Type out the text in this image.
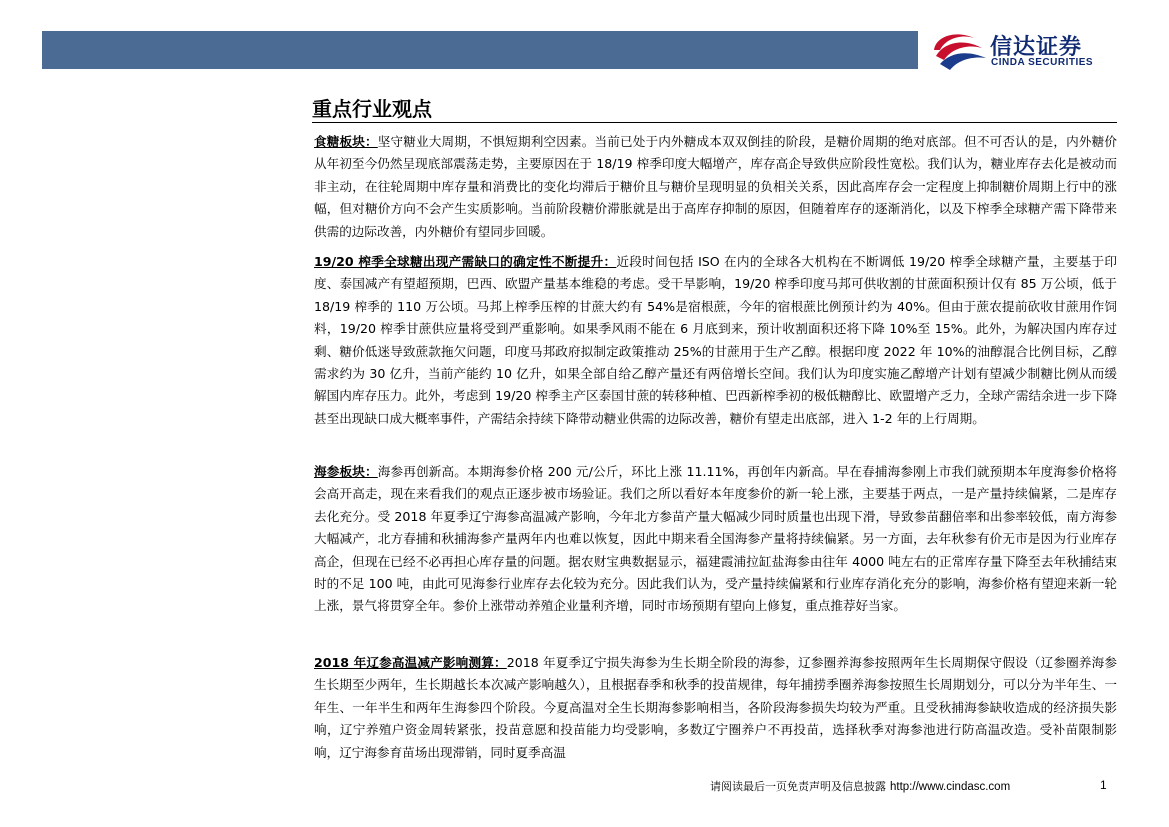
信达证券
CINDA SECURITIES
重点行业观点
食糖板块：坚守糖业大周期，不惧短期利空因素。当前已处于内外糖成本双双倒挂的阶段，是糖价周期的绝对底部。但不可否认的是，内外糖价从年初至今仍然呈现底部震荡走势，主要原因在于 18/19 榨季印度大幅增产，库存高企导致供应阶段性宽松。我们认为，糖业库存去化是被动而非主动，在往轮周期中库存量和消费比的变化均滞后于糖价且与糖价呈现明显的负相关关系，因此高库存会一定程度上抑制糖价周期上行中的涨幅，但对糖价方向不会产生实质影响。当前阶段糖价滞胀就是出于高库存抑制的原因，但随着库存的逐渐消化，以及下榨季全球糖产需下降带来供需的边际改善，内外糖价有望同步回暖。
19/20 榨季全球糖出现产需缺口的确定性不断提升：近段时间包括 ISO 在内的全球各大机构在不断调低 19/20 榨季全球糖产量，主要基于印度、泰国减产有望超预期，巴西、欧盟产量基本维稳的考虑。受干旱影响，19/20 榨季印度马邦可供收割的甘蔗面积预计仅有 85 万公顷，低于 18/19 榨季的 110 万公顷。马邦上榨季压榨的甘蔗大约有 54%是宿根蔗，今年的宿根蔗比例预计约为 40%。但由于蔗农提前砍收甘蔗用作饲料，19/20 榨季甘蔗供应量将受到严重影响。如果季风雨不能在 6 月底到来，预计收割面积还将下降 10%至 15%。此外，为解决国内库存过剩、糖价低迷导致蔗款拖欠问题，印度马邦政府拟制定政策推动 25%的甘蔗用于生产乙醇。根据印度 2022 年 10%的油醇混合比例目标，乙醇需求约为 30 亿升，当前产能约 10 亿升，如果全部自给乙醇产量还有两倍增长空间。我们认为印度实施乙醇增产计划有望减少制糖比例从而缓解国内库存压力。此外，考虑到 19/20 榨季主产区泰国甘蔗的转移种植、巴西新榨季初的极低糖醇比、欧盟增产乏力，全球产需结余进一步下降甚至出现缺口成大概率事件，产需结余持续下降带动糖业供需的边际改善，糖价有望走出底部，进入 1-2 年的上行周期。
海参板块：海参再创新高。本期海参价格 200 元/公斤，环比上涨 11.11%，再创年内新高。早在春捕海参刚上市我们就预期本年度海参价格将会高开高走，现在来看我们的观点正逐步被市场验证。我们之所以看好本年度参价的新一轮上涨，主要基于两点，一是产量持续偏紧，二是库存去化充分。受 2018 年夏季辽宁海参高温减产影响，今年北方参苗产量大幅减少同时质量也出现下滑，导致参苗翻倍率和出参率较低，南方海参大幅减产，北方春捕和秋捕海参产量两年内也难以恢复，因此中期来看全国海参产量将持续偏紧。另一方面，去年秋参有价无市是因为行业库存高企，但现在已经不必再担心库存量的问题。据农财宝典数据显示，福建霞浦拉缸盐海参由往年 4000 吨左右的正常库存量下降至去年秋捕结束时的不足 100 吨，由此可见海参行业库存去化较为充分。因此我们认为，受产量持续偏紧和行业库存消化充分的影响，海参价格有望迎来新一轮上涨，景气将贯穿全年。参价上涨带动养殖企业量利齐增，同时市场预期有望向上修复，重点推荐好当家。
2018 年辽参高温减产影响测算：2018 年夏季辽宁损失海参为生长期全阶段的海参，辽参圈养海参按照两年生长周期保守假设（辽参圈养海参生长期至少两年，生长期越长本次减产影响越久），且根据春季和秋季的投苗规律，每年捕捞季圈养海参按照生长周期划分，可以分为半年生、一年生、一年半生和两年生海参四个阶段。今夏高温对全生长期海参影响相当，各阶段海参损失均较为严重。且受秋捕海参缺收造成的经济损失影响，辽宁养殖户资金周转紧张，投苗意愿和投苗能力均受影响，多数辽宁圈养户不再投苗，选择秋季对海参池进行防高温改造。受补苗限制影响，辽宁海参育苗场出现滞销，同时夏季高温
请阅读最后一页免责声明及信息披露 http://www.cindasc.com	1
